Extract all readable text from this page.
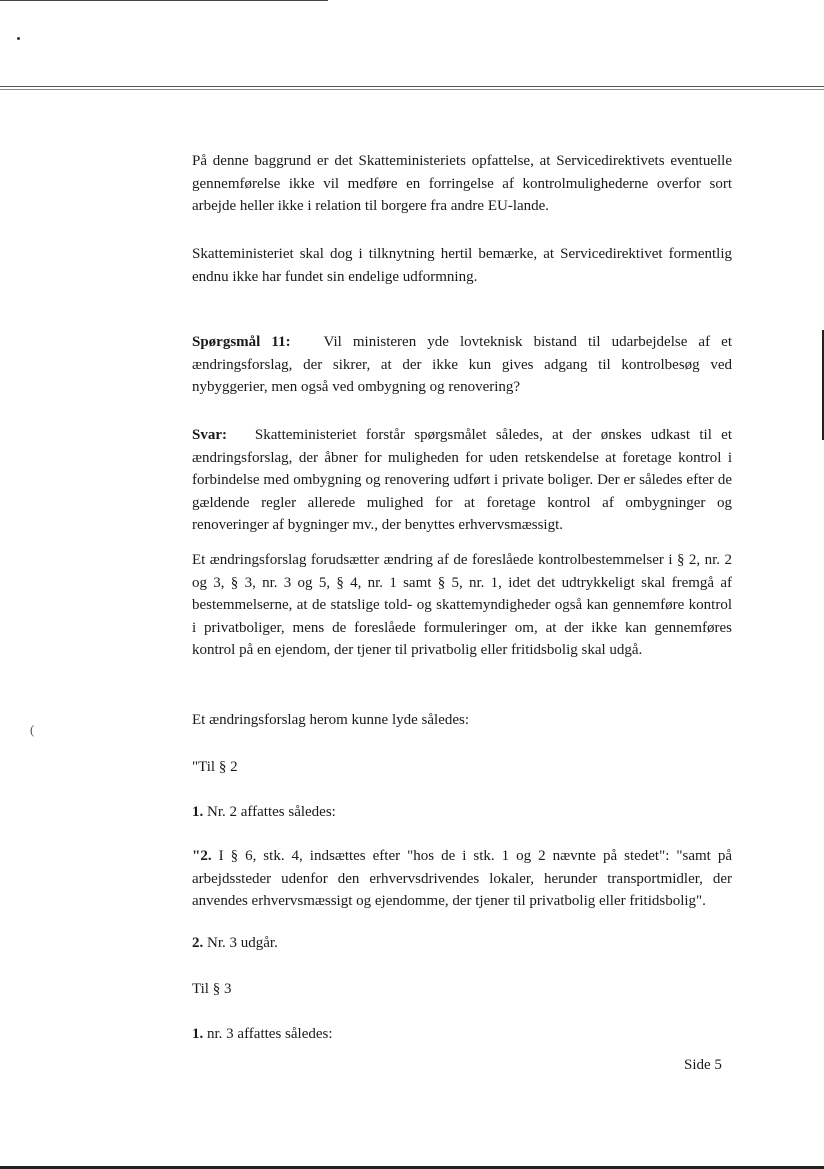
(

På denne baggrund er det Skatteministeriets opfattelse, at Servicedirektivets eventuelle gennemførelse ikke vil medføre en forringelse af kontrolmulighederne overfor sort arbejde heller ikke i relation til borgere fra andre EU-lande.

Skatteministeriet skal dog i tilknytning hertil bemærke, at Servicedirektivet formentlig endnu ikke har fundet sin endelige udformning.

Spørgsmål 11: Vil ministeren yde lovteknisk bistand til udarbejdelse af et ændringsforslag, der sikrer, at der ikke kun gives adgang til kontrolbesøg ved nybyggerier, men også ved ombygning og renovering?

Svar: Skatteministeriet forstår spørgsmålet således, at der ønskes udkast til et ændringsforslag, der åbner for muligheden for uden retskendelse at foretage kontrol i forbindelse med ombygning og renovering udført i private boliger. Der er således efter de gældende regler allerede mulighed for at foretage kontrol af ombygninger og renoveringer af bygninger mv., der benyttes erhvervsmæssigt.

Et ændringsforslag forudsætter ændring af de foreslåede kontrolbestemmelser i § 2, nr. 2 og 3, § 3, nr. 3 og 5, § 4, nr. 1 samt § 5, nr. 1, idet det udtrykkeligt skal fremgå af bestemmelserne, at de statslige told- og skattemyndigheder også kan gennemføre kontrol i privatboliger, mens de foreslåede formuleringer om, at der ikke kan gennemføres kontrol på en ejendom, der tjener til privatbolig eller fritidsbolig skal udgå.

Et ændringsforslag herom kunne lyde således:

"Til § 2

1. Nr. 2 affattes således:

"2. I § 6, stk. 4, indsættes efter "hos de i stk. 1 og 2 nævnte på stedet": "samt på arbejdssteder udenfor den erhvervsdrivendes lokaler, herunder transportmidler, der anvendes erhvervsmæssigt og ejendomme, der tjener til privatbolig eller fritidsbolig".

2. Nr. 3 udgår.

Til § 3

1. nr. 3 affattes således:

Side 5
